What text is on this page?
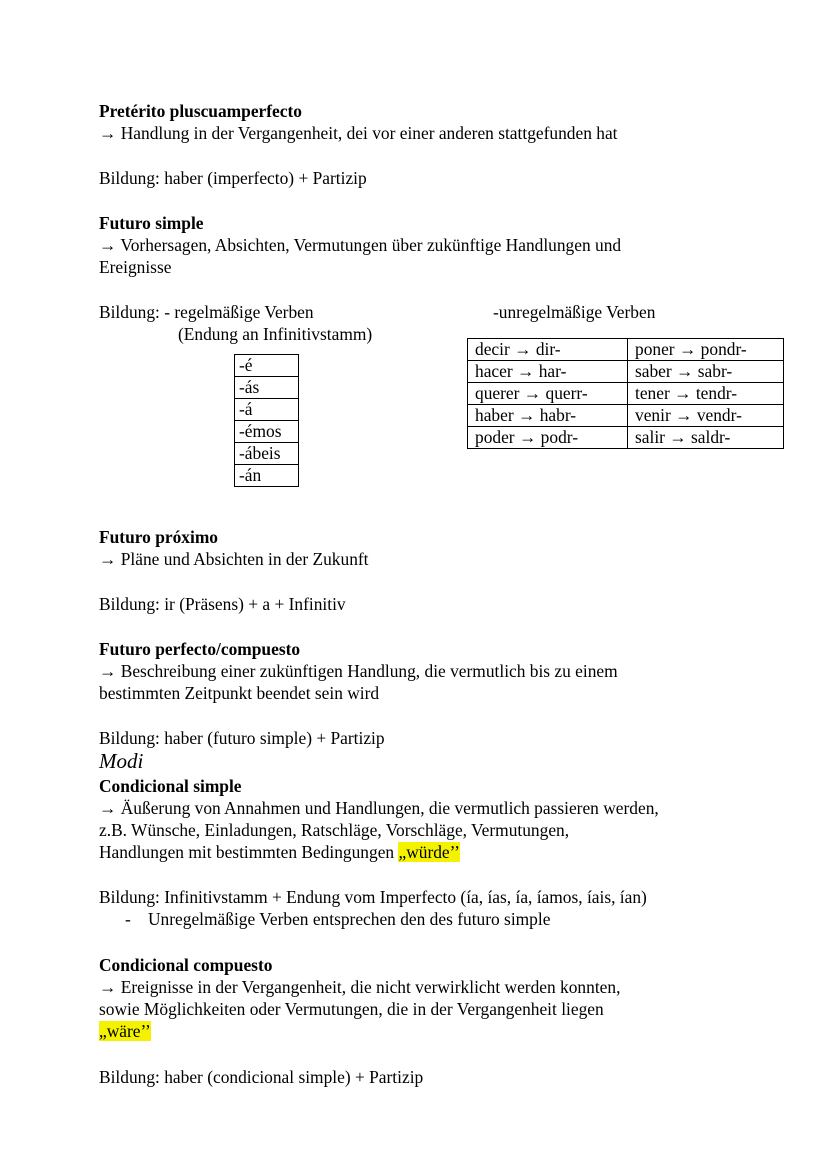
Pretérito pluscuamperfecto

→ Handlung in der Vergangenheit, dei vor einer anderen stattgefunden hat

Bildung: haber (imperfecto) + Partizip

Futuro simple

→ Vorhersagen, Absichten, Vermutungen über zukünftige Handlungen und

Ereignisse

Bildung: - regelmäßige Verben

(Endung an Infinitivstamm)

-unregelmäßige Verben

-é
-ás
-á
-émos
-ábeis
-án
decir → dir-	poner → pondr-
hacer → har-	saber → sabr-
querer → querr-	tener → tendr-
haber → habr-	venir → vendr-
poder → podr-	salir → saldr-

Futuro próximo

→ Pläne und Absichten in der Zukunft

Bildung: ir (Präsens) + a + Infinitiv

Futuro perfecto/compuesto

→ Beschreibung einer zukünftigen Handlung, die vermutlich bis zu einem

bestimmten Zeitpunkt beendet sein wird

Bildung: haber (futuro simple) + Partizip

Modi

Condicional simple

→ Äußerung von Annahmen und Handlungen, die vermutlich passieren werden,

z.B. Wünsche, Einladungen, Ratschläge, Vorschläge, Vermutungen,

Handlungen mit bestimmten Bedingungen „würde’’

Bildung: Infinitivstamm + Endung vom Imperfecto (ía, ías, ía, íamos, íais, ían)

- Unregelmäßige Verben entsprechen den des futuro simple

Condicional compuesto

→ Ereignisse in der Vergangenheit, die nicht verwirklicht werden konnten,

sowie Möglichkeiten oder Vermutungen, die in der Vergangenheit liegen

„wäre’’

Bildung: haber (condicional simple) + Partizip
